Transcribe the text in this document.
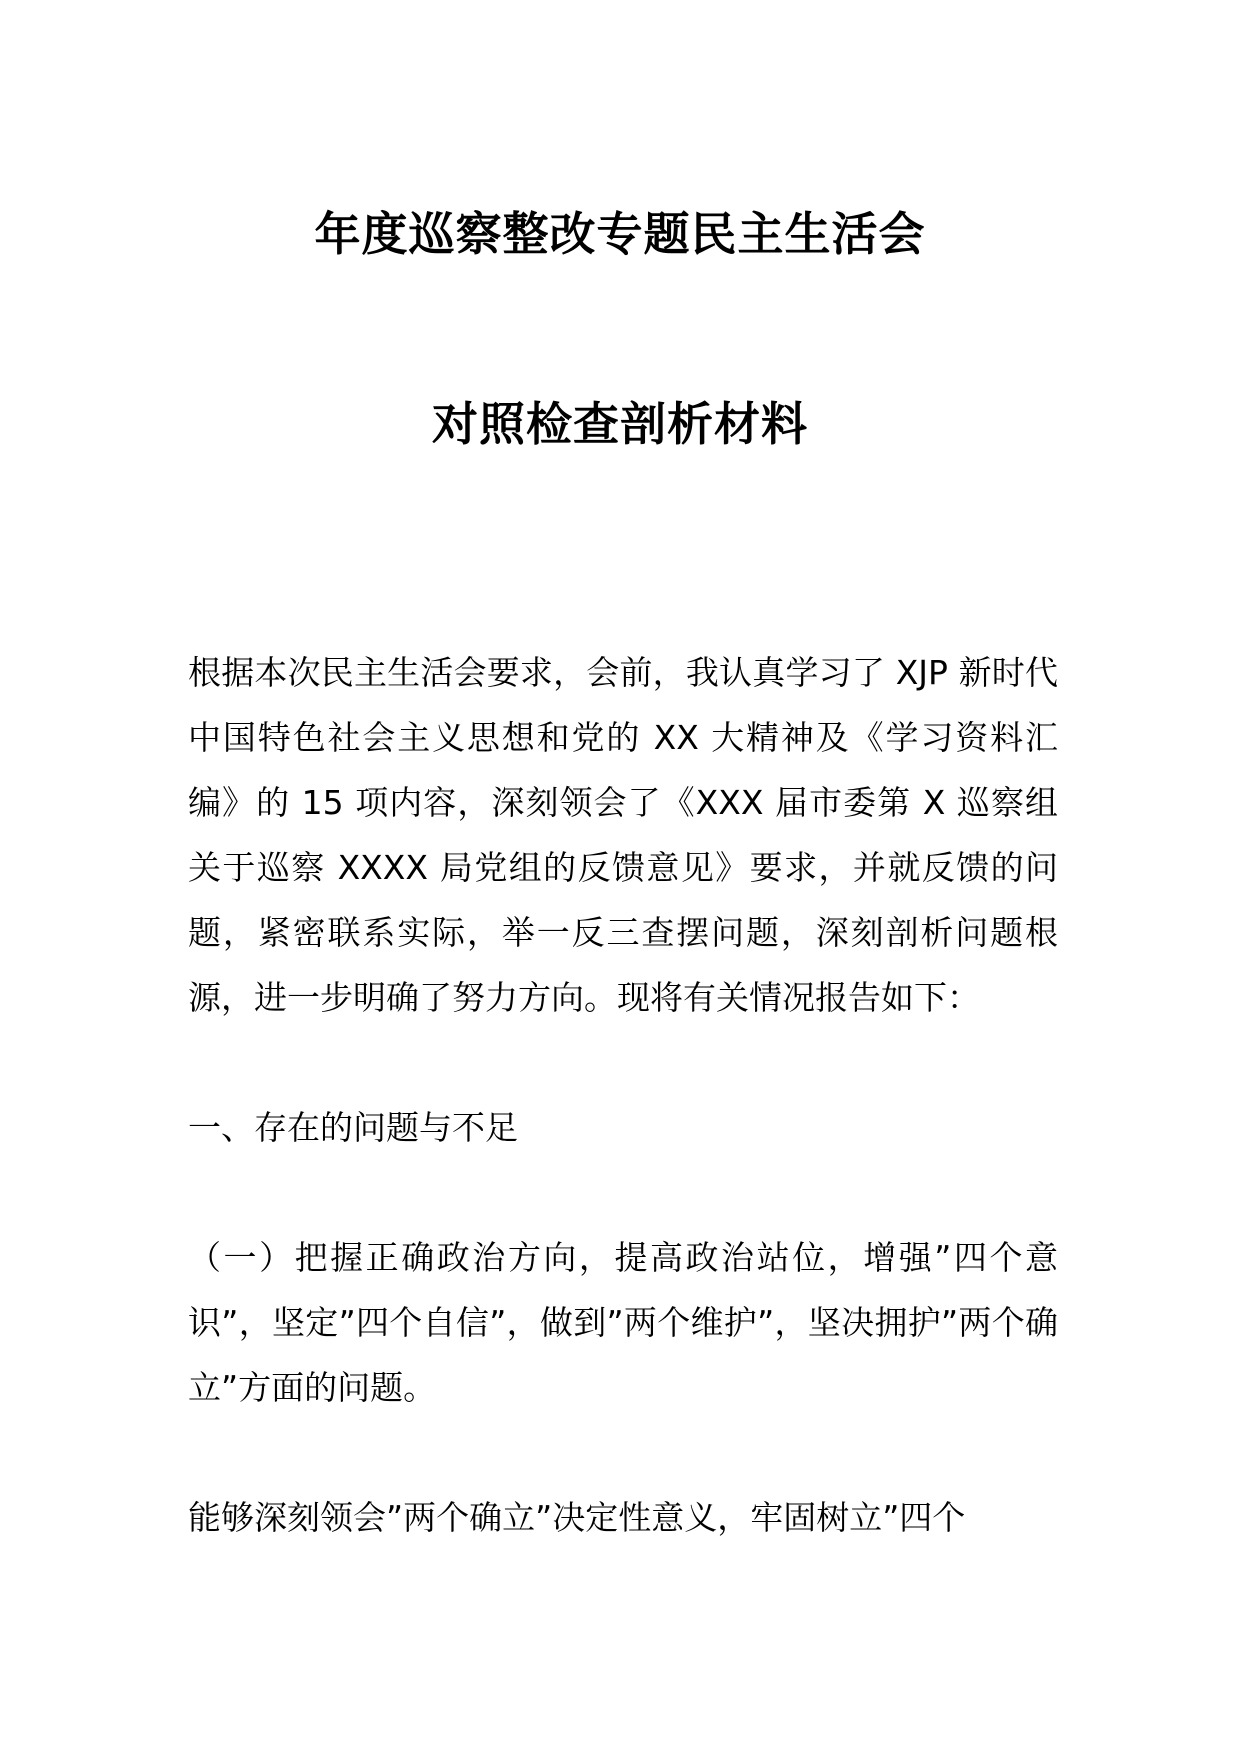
年度巡察整改专题民主生活会
对照检查剖析材料

根据本次民主生活会要求，会前，我认真学习了 XJP 新时代中国特色社会主义思想和党的 XX 大精神及《学习资料汇编》的 15 项内容，深刻领会了《XXX 届市委第 X 巡察组关于巡察 XXXX 局党组的反馈意见》要求，并就反馈的问题，紧密联系实际，举一反三查摆问题，深刻剖析问题根源，进一步明确了努力方向。现将有关情况报告如下：

一、存在的问题与不足

（一）把握正确政治方向，提高政治站位，增强”四个意识”，坚定”四个自信”，做到”两个维护”，坚决拥护”两个确立”方面的问题。

能够深刻领会”两个确立”决定性意义，牢固树立”四个
